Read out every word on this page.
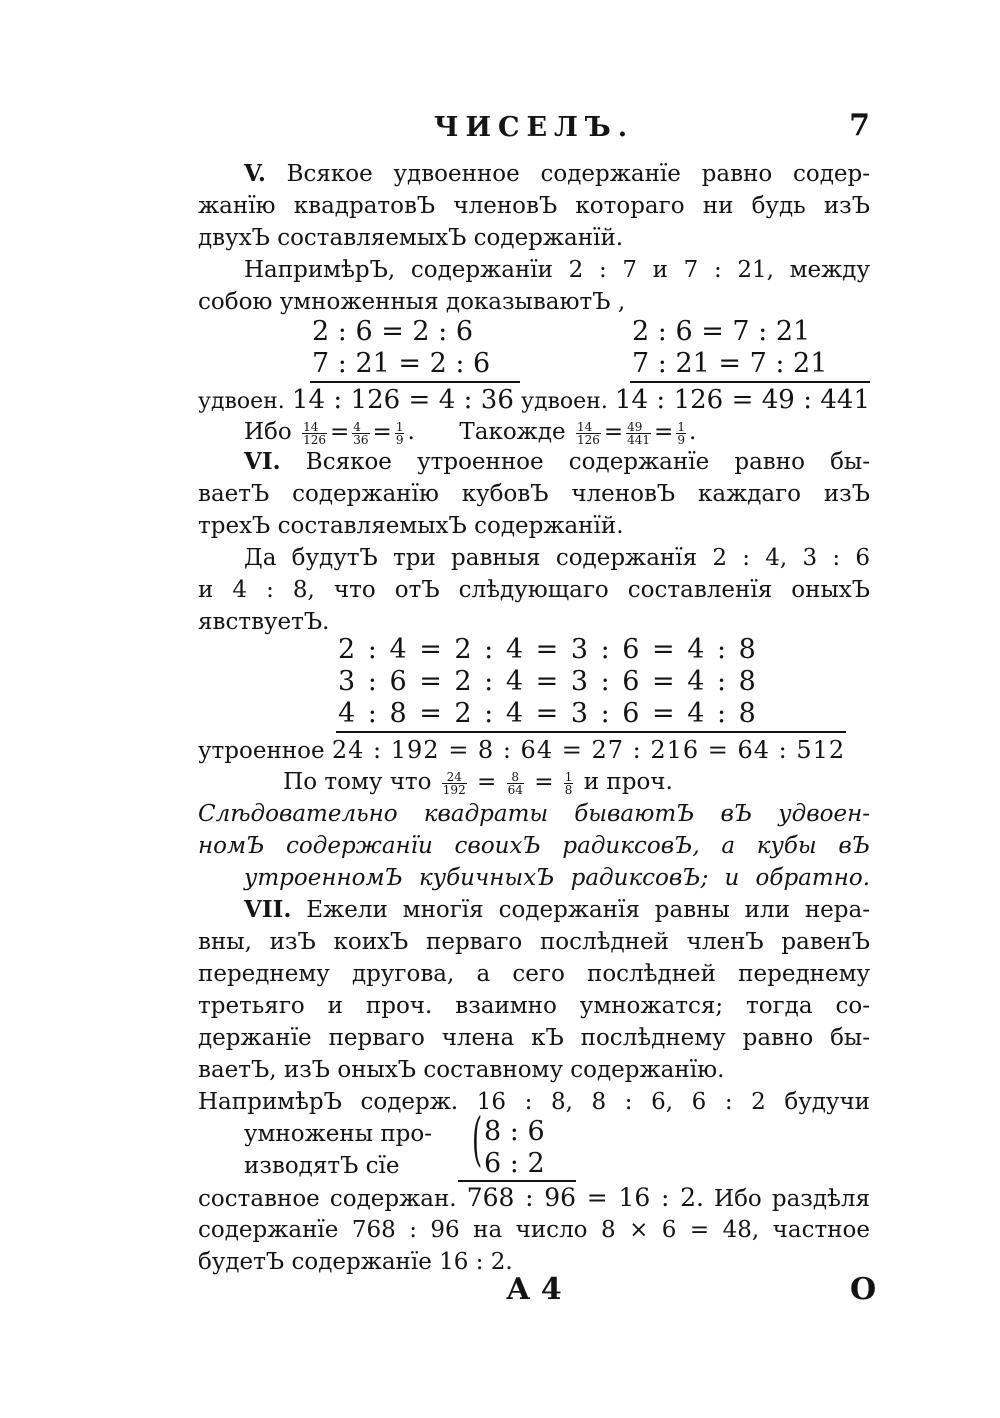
ЧИСЕЛЪ.	7
V. Всякое удвоенное содержанїе равно содер-
жанїю квадратовЪ членовЪ котораго ни будь изЪ
двухЪ составляемыхЪ содержанїй.
НапримѣрЪ, содержанїи 2 : 7 и 7 : 21, между
собою умноженныя доказываютЪ ,
2 : 6 = 2 : 6	2 : 6 = 7 : 21
7 : 21 = 2 : 6	7 : 21 = 7 : 21
удвоен. 14 : 126 = 4 : 36 удвоен. 14 : 126 = 49 : 441
Ибо $\frac{14}{126} = \frac{4}{36} = \frac{1}{9}$ .  Такожде $\frac{14}{126} = \frac{49}{441} = \frac{1}{9}$ .
VI. Всякое утроенное содержанїе равно бы-
ваетЪ содержанїю кубовЪ членовЪ каждаго изЪ
трехЪ составляемыхЪ содержанїй.
Да будутЪ три равныя содержанїя 2 : 4, 3 : 6
и 4 : 8, что отЪ слѣдующаго составленїя оныхЪ
явствуетЪ.
2 : 4 = 2 : 4 = 3 : 6 = 4 : 8
3 : 6 = 2 : 4 = 3 : 6 = 4 : 8
4 : 8 = 2 : 4 = 3 : 6 = 4 : 8
утроенное 24 : 192 = 8 : 64 = 27 : 216 = 64 : 512
По тому что $\frac{24}{192} = \frac{8}{64} = \frac{1}{8}$ и проч.
Слѣдовательно квадраты бываютЪ вЪ удвоен-
номЪ содержанїи своихЪ радиксовЪ, а кубы вЪ
утроенномЪ кубичныхЪ радиксовЪ; и обратно.
VII. Ежели многїя содержанїя равны или нера-
вны, изЪ коихЪ перваго послѣдней членЪ равенЪ
переднему другова, а сего послѣдней переднему
третьяго и проч. взаимно умножатся; тогда со-
держанїе перваго члена кЪ послѣднему равно бы-
ваетЪ, изЪ оныхЪ составному содержанїю.
НапримѣрЪ содерж. 16 : 8, 8 : 6, 6 : 2 будучи
умножены про-
изводятЪ сїе	( 8 : 6
6 : 2
составное содержан. 768 : 96 = 16 : 2. Ибо раздѣля
содержанїе 768 : 96 на число 8 × 6 = 48, частное
будетЪ содержанїе 16 : 2.
А 4	О
